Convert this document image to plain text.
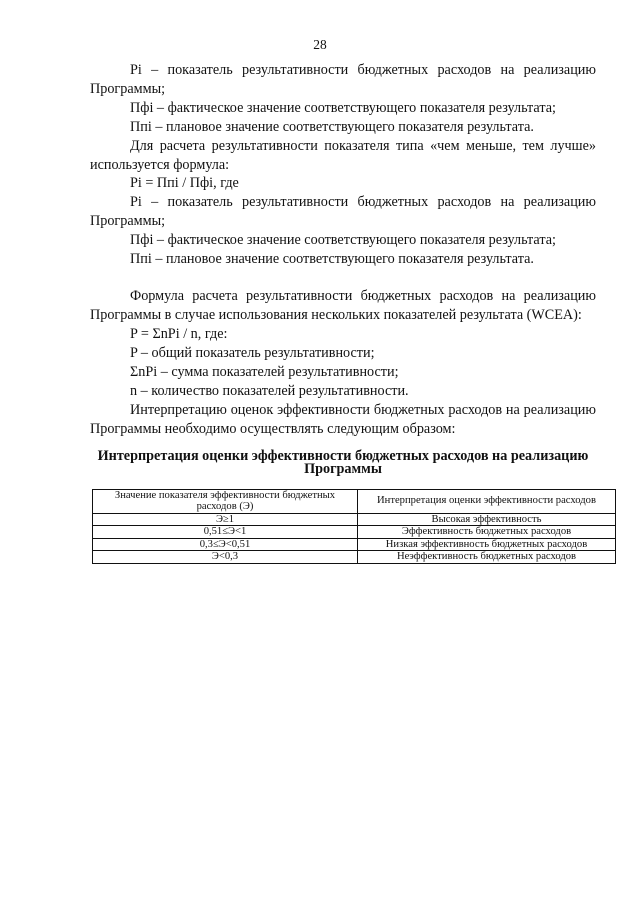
28

Pi – показатель результативности бюджетных расходов на реализацию Программы;

Пфi – фактическое значение соответствующего показателя результата;

Ппi – плановое значение соответствующего показателя результата.

Для расчета результативности показателя типа «чем меньше, тем лучше» используется формула:

Pi = Ппi / Пфi, где

Pi – показатель результативности бюджетных расходов на реализацию Программы;

Пфi – фактическое значение соответствующего показателя результата;

Ппi – плановое значение соответствующего показателя результата.

Формула расчета результативности бюджетных расходов на реализацию Программы в случае использования нескольких показателей результата (WCEA):

P = ΣnPi / n, где:

P – общий показатель результативности;

ΣnPi – сумма показателей результативности;

n – количество показателей результативности.

Интерпретацию оценок эффективности бюджетных расходов на реализацию Программы необходимо осуществлять следующим образом:

Интерпретация оценки эффективности бюджетных расходов на реализацию Программы

Значение показателя эффективности бюджетных расходов (Э)	Интерпретация оценки эффективности расходов
Э≥1	Высокая эффективность
0,51≤Э<1	Эффективность бюджетных расходов
0,3≤Э<0,51	Низкая эффективность бюджетных расходов
Э<0,3	Неэффективность бюджетных расходов
